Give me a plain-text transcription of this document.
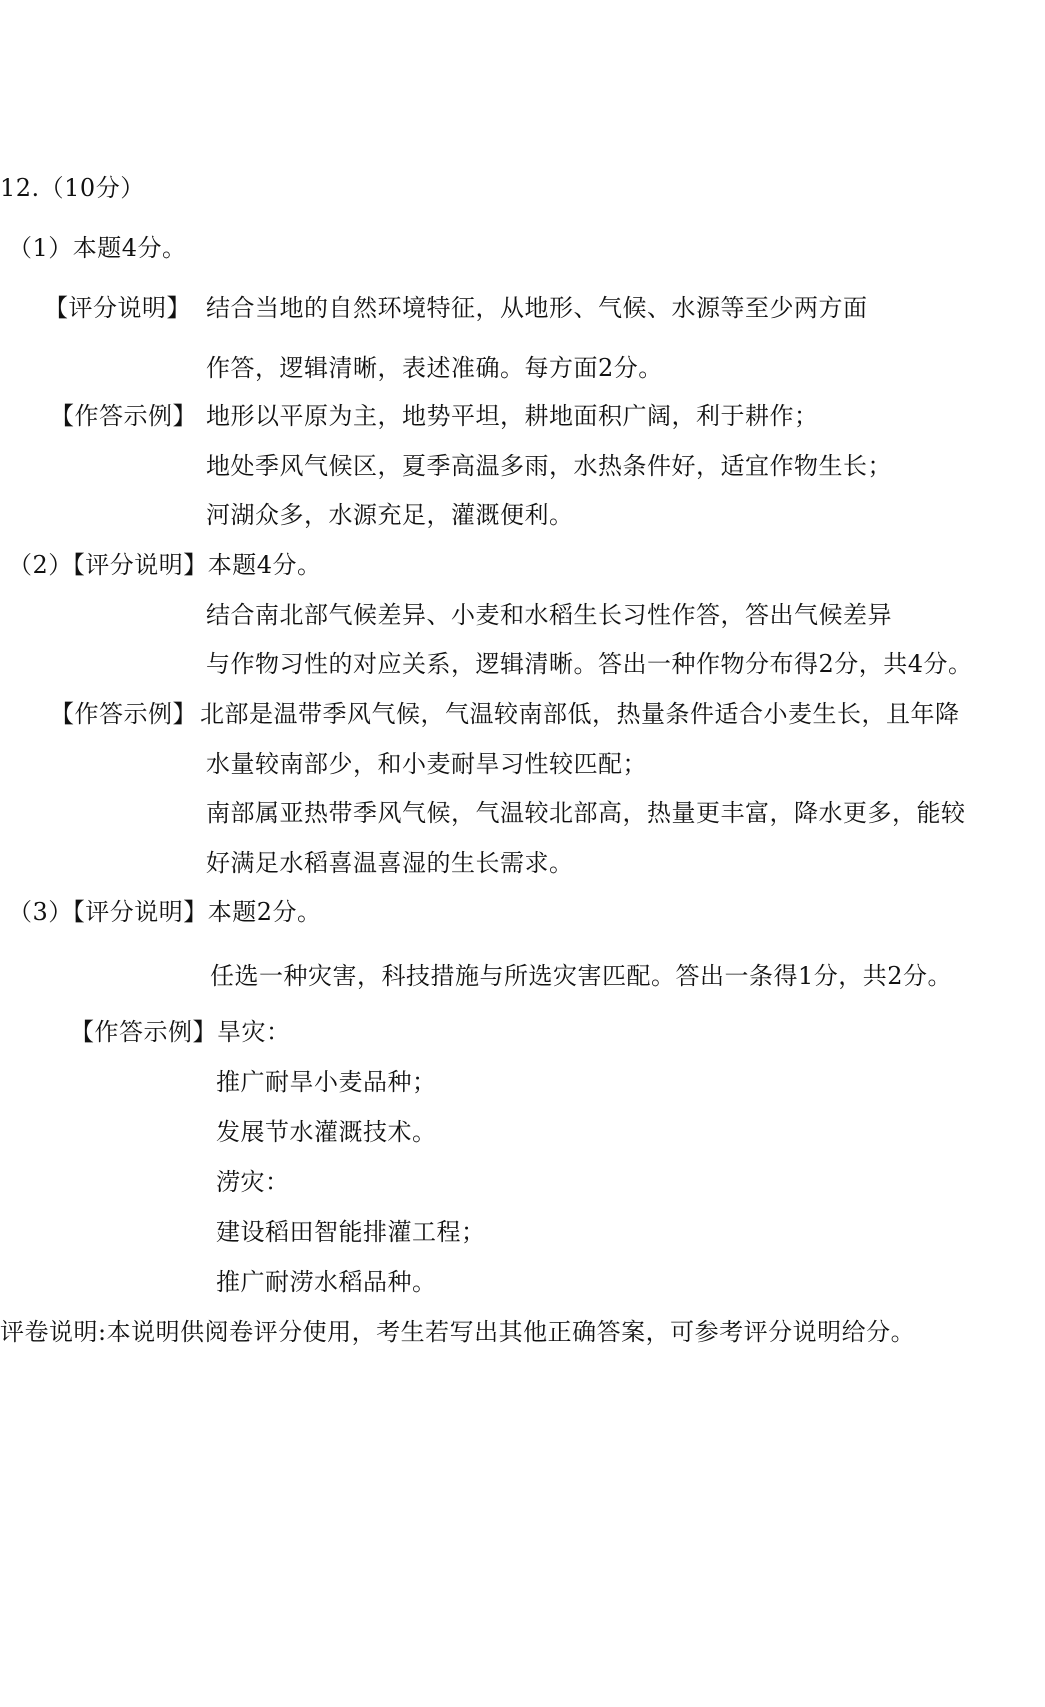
12.（10分）
（1）本题4分。
【评分说明】 结合当地的自然环境特征，从地形、气候、水源等至少两方面
作答，逻辑清晰，表述准确。每方面2分。
【作答示例】 地形以平原为主，地势平坦，耕地面积广阔，利于耕作；
地处季风气候区，夏季高温多雨，水热条件好，适宜作物生长；
河湖众多，水源充足，灌溉便利。
（2）【评分说明】本题4分。
结合南北部气候差异、小麦和水稻生长习性作答，答出气候差异
与作物习性的对应关系，逻辑清晰。答出一种作物分布得2分，共4分。
【作答示例】 北部是温带季风气候，气温较南部低，热量条件适合小麦生长，且年降
水量较南部少，和小麦耐旱习性较匹配；
南部属亚热带季风气候，气温较北部高，热量更丰富，降水更多，能较
好满足水稻喜温喜湿的生长需求。
（3）【评分说明】本题2分。
任选一种灾害，科技措施与所选灾害匹配。答出一条得1分，共2分。
【作答示例】旱灾：
推广耐旱小麦品种；
发展节水灌溉技术。
涝灾：
建设稻田智能排灌工程；
推广耐涝水稻品种。
评卷说明:本说明供阅卷评分使用，考生若写出其他正确答案，可参考评分说明给分。
